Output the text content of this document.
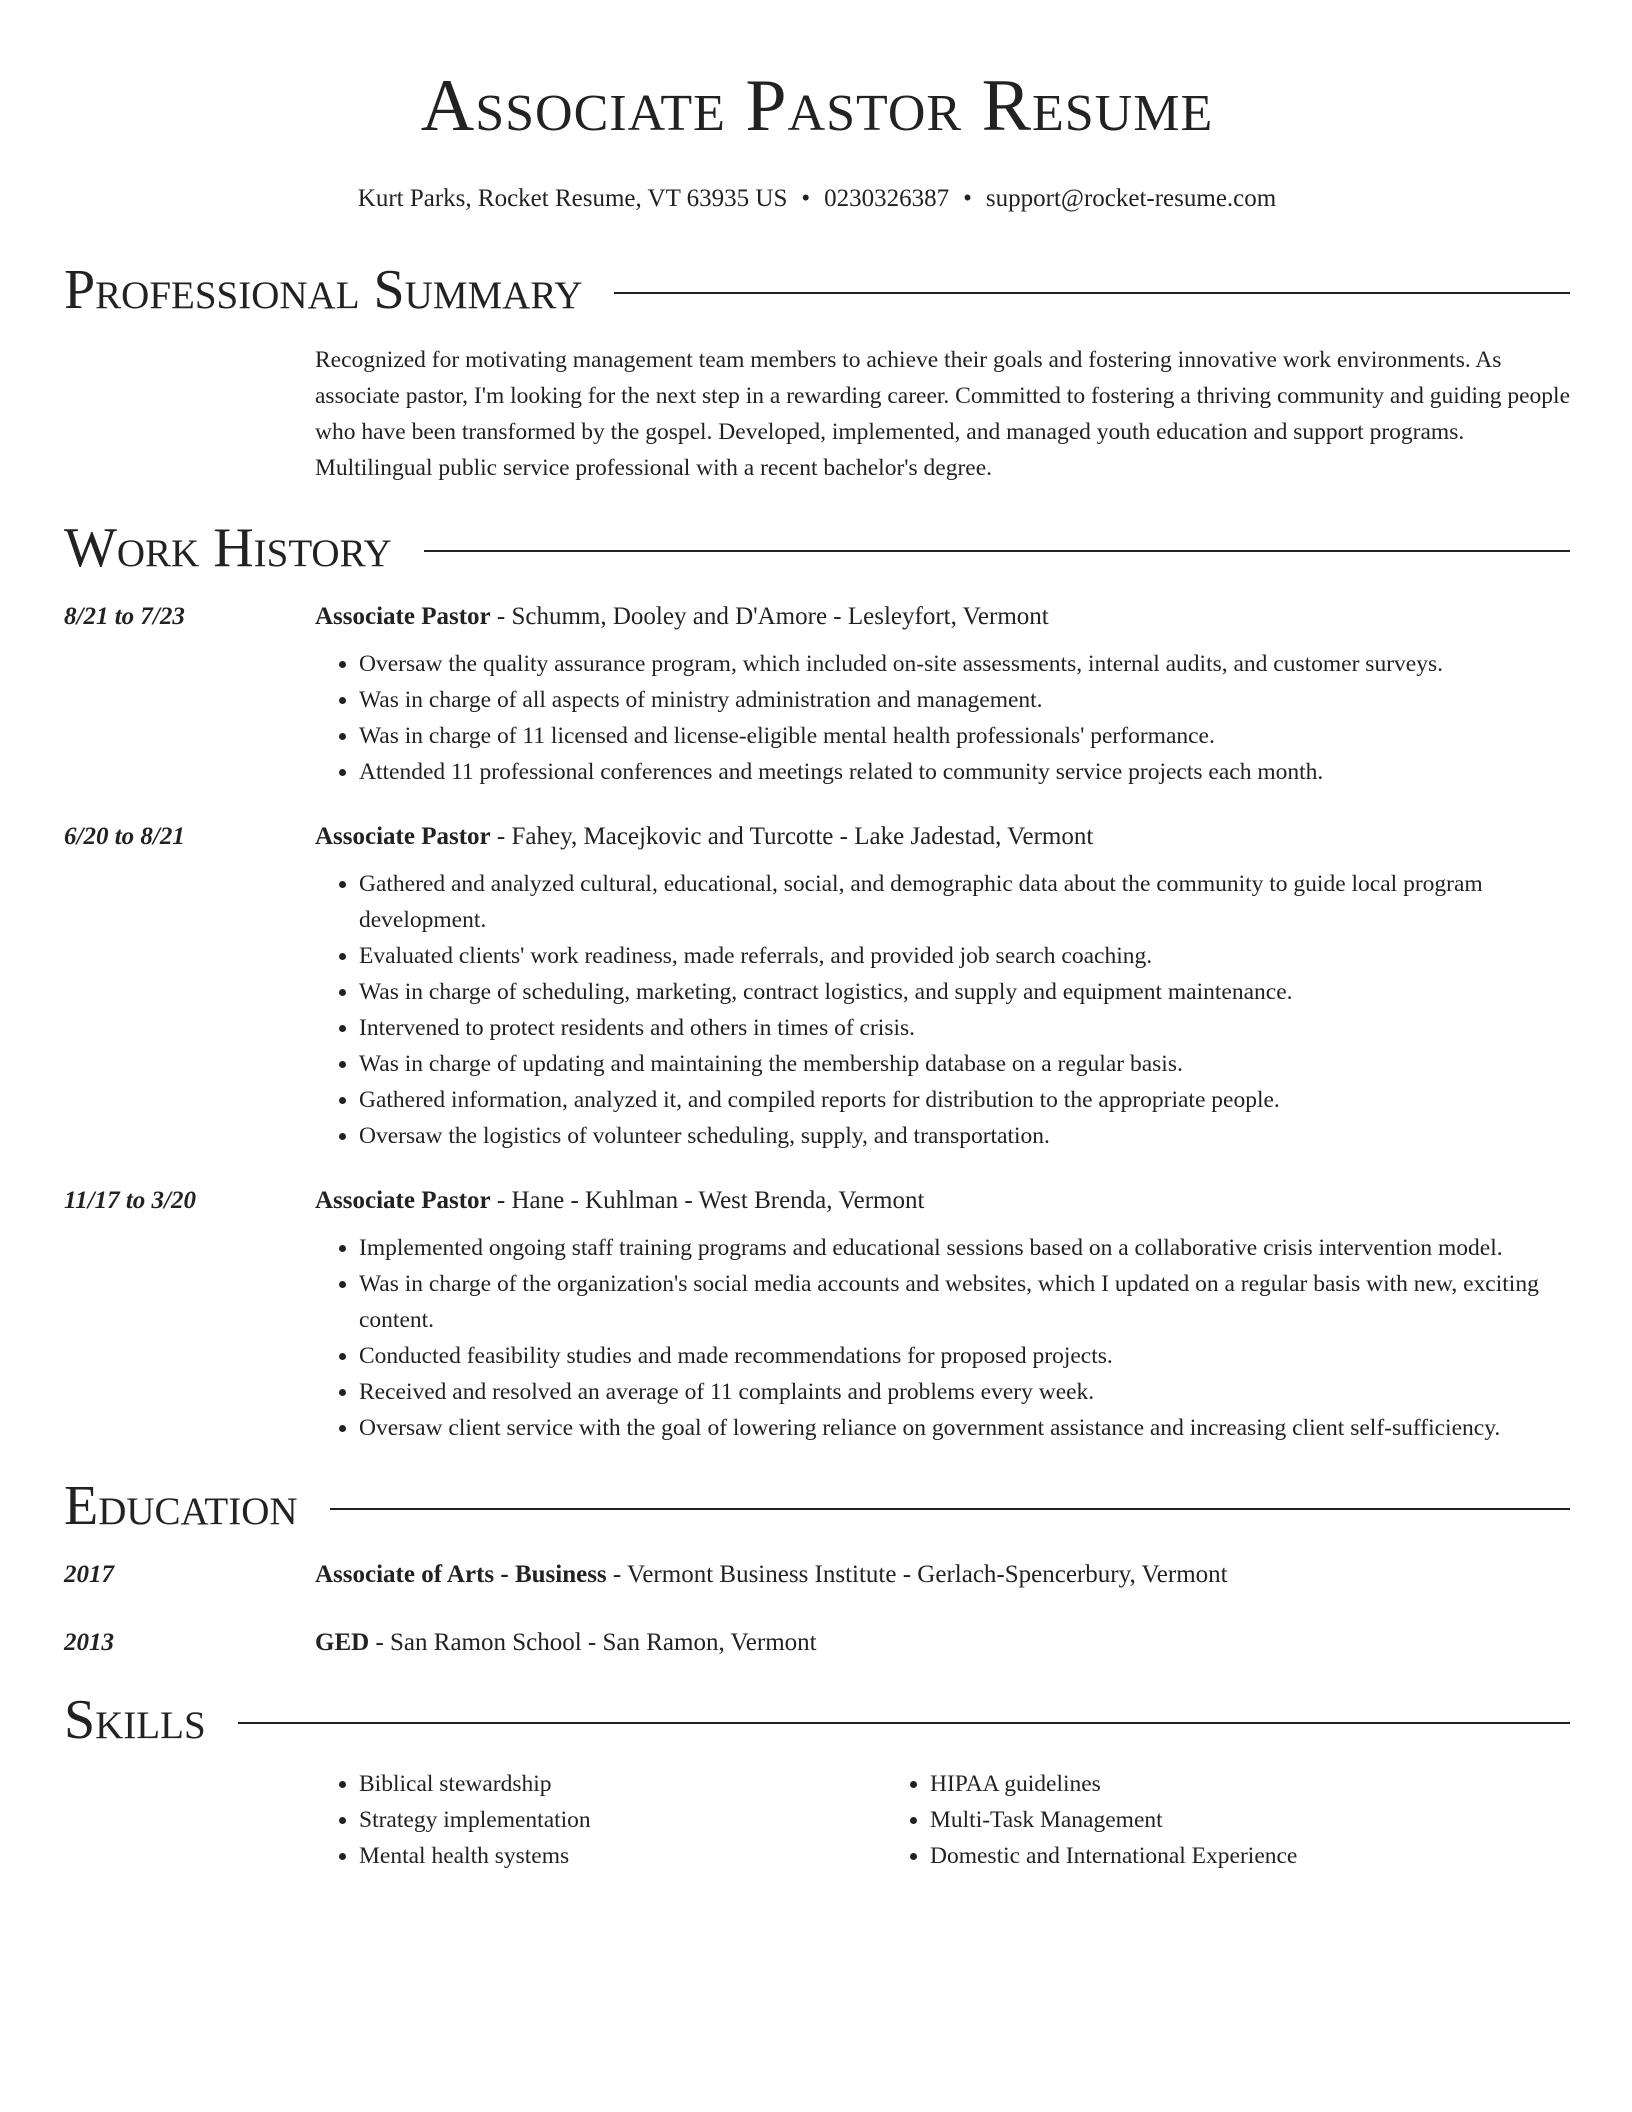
Associate Pastor Resume
Kurt Parks, Rocket Resume, VT 63935 US • 0230326387 • support@rocket-resume.com
Professional Summary
Recognized for motivating management team members to achieve their goals and fostering innovative work environments. As associate pastor, I'm looking for the next step in a rewarding career. Committed to fostering a thriving community and guiding people who have been transformed by the gospel. Developed, implemented, and managed youth education and support programs. Multilingual public service professional with a recent bachelor's degree.
Work History
8/21 to 7/23	Associate Pastor - Schumm, Dooley and D'Amore - Lesleyfort, Vermont
• Oversaw the quality assurance program, which included on-site assessments, internal audits, and customer surveys.
• Was in charge of all aspects of ministry administration and management.
• Was in charge of 11 licensed and license-eligible mental health professionals' performance.
• Attended 11 professional conferences and meetings related to community service projects each month.
6/20 to 8/21	Associate Pastor - Fahey, Macejkovic and Turcotte - Lake Jadestad, Vermont
• Gathered and analyzed cultural, educational, social, and demographic data about the community to guide local program development.
• Evaluated clients' work readiness, made referrals, and provided job search coaching.
• Was in charge of scheduling, marketing, contract logistics, and supply and equipment maintenance.
• Intervened to protect residents and others in times of crisis.
• Was in charge of updating and maintaining the membership database on a regular basis.
• Gathered information, analyzed it, and compiled reports for distribution to the appropriate people.
• Oversaw the logistics of volunteer scheduling, supply, and transportation.
11/17 to 3/20	Associate Pastor - Hane - Kuhlman - West Brenda, Vermont
• Implemented ongoing staff training programs and educational sessions based on a collaborative crisis intervention model.
• Was in charge of the organization's social media accounts and websites, which I updated on a regular basis with new, exciting content.
• Conducted feasibility studies and made recommendations for proposed projects.
• Received and resolved an average of 11 complaints and problems every week.
• Oversaw client service with the goal of lowering reliance on government assistance and increasing client self-sufficiency.
Education
2017	Associate of Arts - Business - Vermont Business Institute - Gerlach-Spencerbury, Vermont
2013	GED - San Ramon School - San Ramon, Vermont
Skills
• Biblical stewardship
• Strategy implementation
• Mental health systems
• HIPAA guidelines
• Multi-Task Management
• Domestic and International Experience
